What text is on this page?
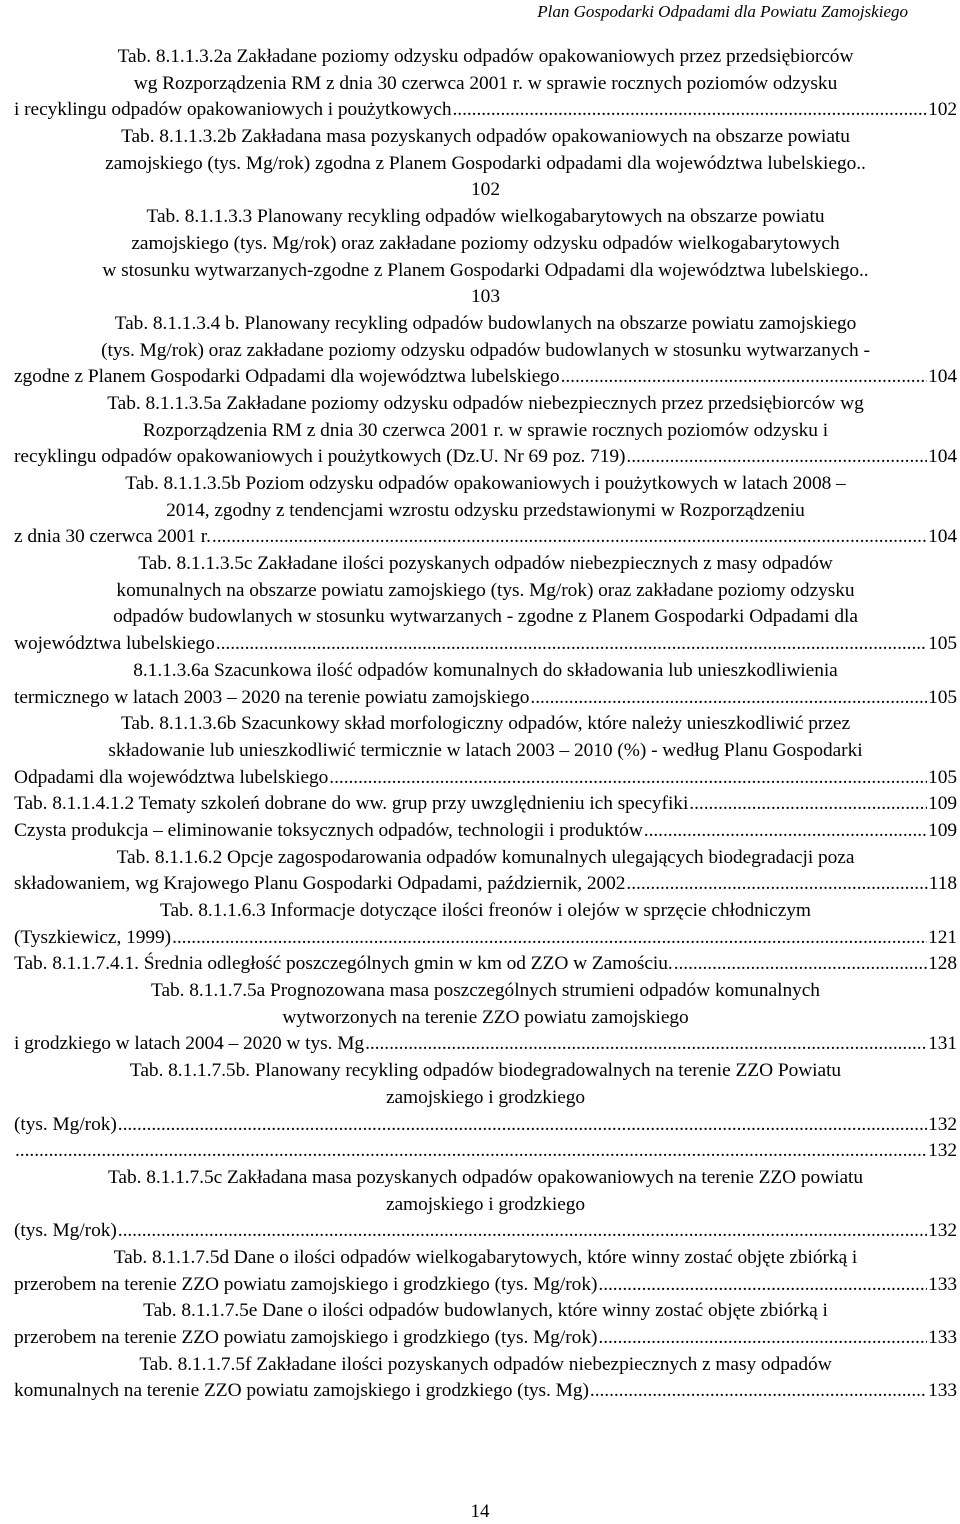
Plan Gospodarki Odpadami dla Powiatu Zamojskiego
Tab. 8.1.1.3.2a Zakładane poziomy odzysku odpadów opakowaniowych przez przedsiębiorców
wg Rozporządzenia RM z dnia 30 czerwca 2001 r. w sprawie rocznych poziomów odzysku
i recyklingu odpadów opakowaniowych i poużytkowych .....	102
Tab. 8.1.1.3.2b Zakładana masa pozyskanych odpadów opakowaniowych na obszarze powiatu
zamojskiego (tys. Mg/rok) zgodna z Planem Gospodarki odpadami dla województwa lubelskiego..
102
Tab. 8.1.1.3.3 Planowany recykling odpadów wielkogabarytowych na obszarze powiatu
zamojskiego (tys. Mg/rok) oraz zakładane poziomy odzysku odpadów wielkogabarytowych
w stosunku wytwarzanych-zgodne z Planem Gospodarki Odpadami dla województwa lubelskiego..
103
Tab. 8.1.1.3.4 b. Planowany recykling odpadów budowlanych na obszarze powiatu zamojskiego
(tys. Mg/rok) oraz zakładane poziomy odzysku odpadów budowlanych w stosunku wytwarzanych -
zgodne z Planem Gospodarki Odpadami dla województwa lubelskiego .....	104
Tab. 8.1.1.3.5a Zakładane poziomy odzysku odpadów niebezpiecznych przez przedsiębiorców wg
Rozporządzenia RM z dnia 30 czerwca 2001 r. w sprawie rocznych poziomów odzysku i
recyklingu odpadów opakowaniowych i poużytkowych (Dz.U. Nr 69 poz. 719) .....	104
Tab. 8.1.1.3.5b Poziom odzysku odpadów opakowaniowych i poużytkowych w latach 2008 –
2014, zgodny z tendencjami wzrostu odzysku przedstawionymi w Rozporządzeniu
z dnia 30 czerwca 2001 r. .....	104
Tab. 8.1.1.3.5c Zakładane ilości pozyskanych odpadów niebezpiecznych z masy odpadów
komunalnych na obszarze powiatu zamojskiego (tys. Mg/rok) oraz zakładane poziomy odzysku
odpadów budowlanych w stosunku wytwarzanych - zgodne z Planem Gospodarki Odpadami dla
województwa lubelskiego .....	105
8.1.1.3.6a Szacunkowa ilość odpadów komunalnych do składowania lub unieszkodliwienia
termicznego w latach 2003 – 2020 na terenie powiatu zamojskiego .....	105
Tab. 8.1.1.3.6b Szacunkowy skład morfologiczny odpadów, które należy unieszkodliwić przez
składowanie lub unieszkodliwić termicznie w latach 2003 – 2010 (%) - według Planu Gospodarki
Odpadami dla województwa lubelskiego .....	105
Tab. 8.1.1.4.1.2 Tematy szkoleń dobrane do ww. grup przy uwzględnieniu ich specyfiki .....	109
Czysta produkcja – eliminowanie toksycznych odpadów, technologii i produktów .....	109
Tab. 8.1.1.6.2 Opcje zagospodarowania odpadów komunalnych ulegających biodegradacji poza
składowaniem, wg Krajowego Planu Gospodarki Odpadami, październik, 2002 .....	118
Tab. 8.1.1.6.3 Informacje dotyczące ilości freonów i olejów w sprzęcie chłodniczym
(Tyszkiewicz, 1999) .....	121
Tab. 8.1.1.7.4.1. Średnia odległość poszczególnych gmin w km od ZZO w Zamościu. .....	128
Tab. 8.1.1.7.5a Prognozowana masa poszczególnych strumieni odpadów komunalnych
wytworzonych na terenie ZZO powiatu zamojskiego
i grodzkiego w latach 2004 – 2020 w tys. Mg .....	131
Tab. 8.1.1.7.5b. Planowany recykling odpadów biodegradowalnych na terenie ZZO Powiatu
zamojskiego i grodzkiego
(tys. Mg/rok) .....	132
.....
132
Tab. 8.1.1.7.5c Zakładana masa pozyskanych odpadów opakowaniowych na terenie ZZO powiatu
zamojskiego i grodzkiego
(tys. Mg/rok) .....	132
Tab. 8.1.1.7.5d Dane o ilości odpadów wielkogabarytowych, które winny zostać objęte zbiórką i
przerobem na terenie ZZO powiatu zamojskiego i grodzkiego (tys. Mg/rok) .....	133
Tab. 8.1.1.7.5e Dane o ilości odpadów budowlanych, które winny zostać objęte zbiórką i
przerobem na terenie ZZO powiatu zamojskiego i grodzkiego (tys. Mg/rok) .....	133
Tab. 8.1.1.7.5f Zakładane ilości pozyskanych odpadów niebezpiecznych z masy odpadów
komunalnych na terenie ZZO powiatu zamojskiego i grodzkiego (tys. Mg) .....	133
14
